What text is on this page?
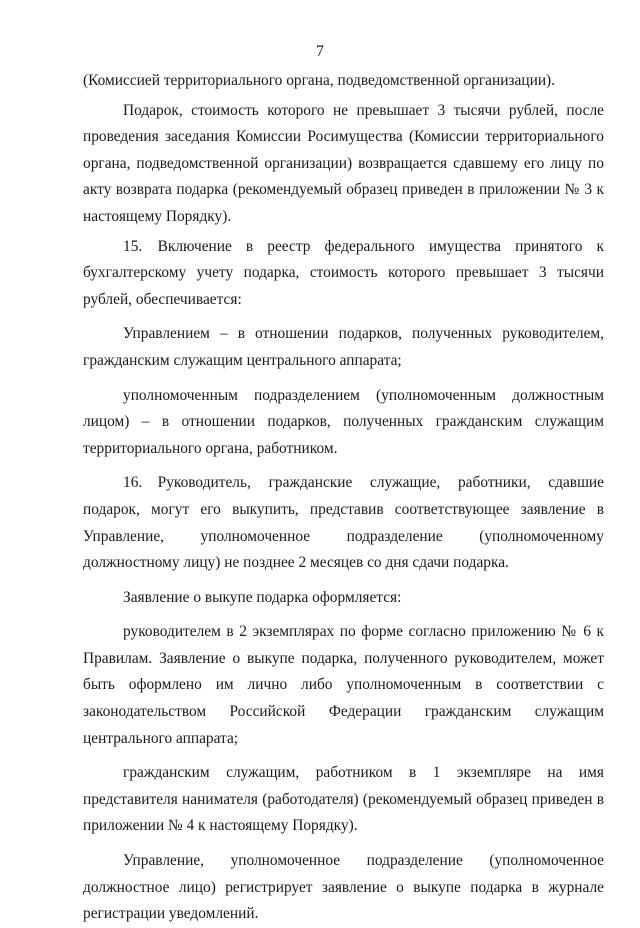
7

(Комиссией территориального органа, подведомственной организации).

Подарок, стоимость которого не превышает 3 тысячи рублей, после проведения заседания Комиссии Росимущества (Комиссии территориального органа, подведомственной организации) возвращается сдавшему его лицу по акту возврата подарка (рекомендуемый образец приведен в приложении № 3 к настоящему Порядку).

15. Включение в реестр федерального имущества принятого к бухгалтерскому учету подарка, стоимость которого превышает 3 тысячи рублей, обеспечивается:

Управлением – в отношении подарков, полученных руководителем, гражданским служащим центрального аппарата;

уполномоченным подразделением (уполномоченным должностным лицом) – в отношении подарков, полученных гражданским служащим территориального органа, работником.

16. Руководитель, гражданские служащие, работники, сдавшие подарок, могут его выкупить, представив соответствующее заявление в Управление, уполномоченное подразделение (уполномоченному должностному лицу) не позднее 2 месяцев со дня сдачи подарка.

Заявление о выкупе подарка оформляется:

руководителем в 2 экземплярах по форме согласно приложению № 6 к Правилам. Заявление о выкупе подарка, полученного руководителем, может быть оформлено им лично либо уполномоченным в соответствии с законодательством Российской Федерации гражданским служащим центрального аппарата;

гражданским служащим, работником в 1 экземпляре на имя представителя нанимателя (работодателя) (рекомендуемый образец приведен в приложении № 4 к настоящему Порядку).

Управление, уполномоченное подразделение (уполномоченное должностное лицо) регистрирует заявление о выкупе подарка в журнале регистрации уведомлений.
